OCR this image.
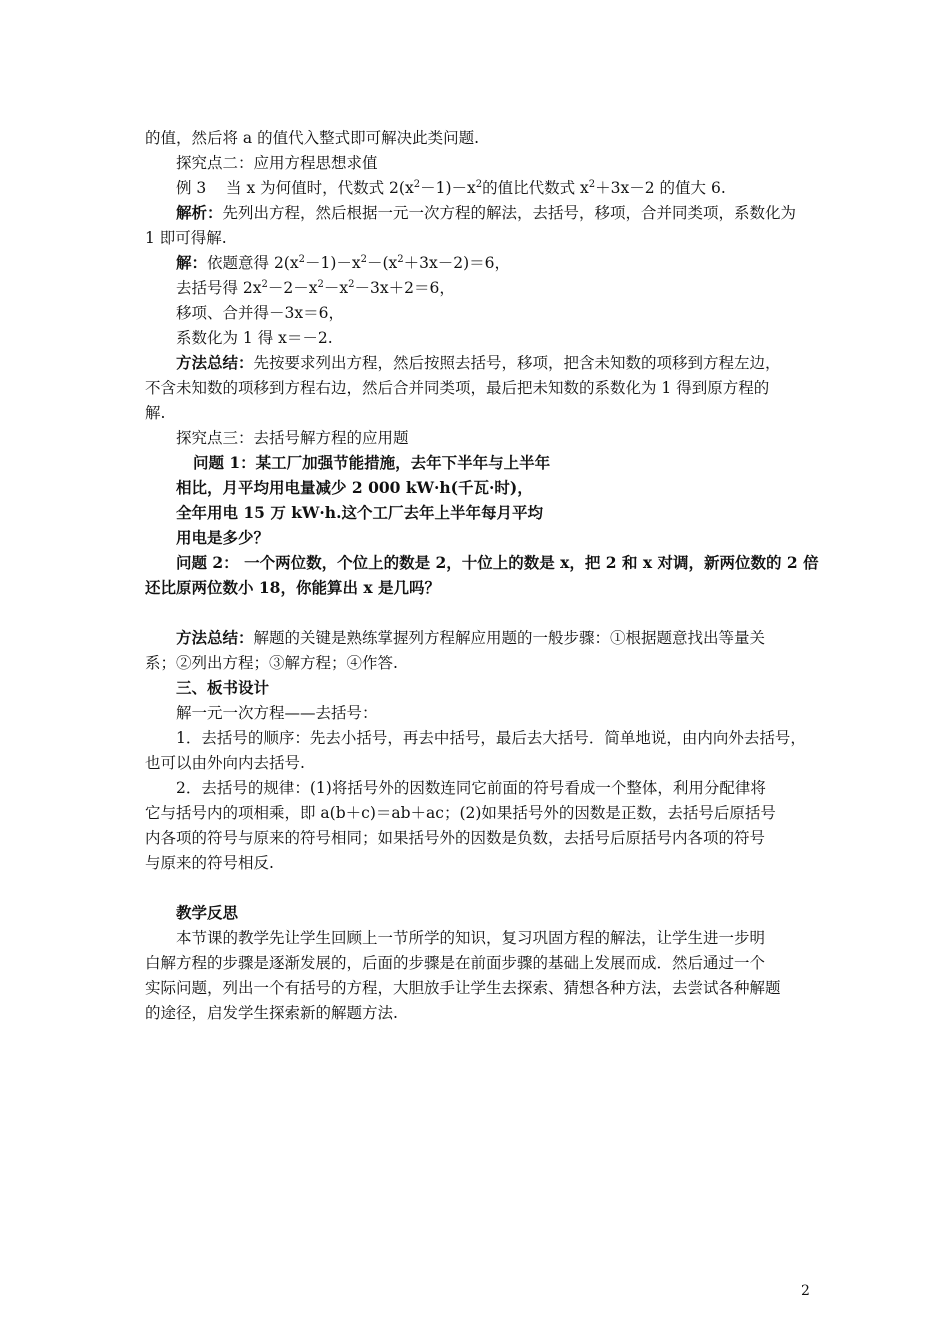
的值，然后将 a 的值代入整式即可解决此类问题.
探究点二：应用方程思想求值
例 3 当 x 为何值时，代数式 $2(x^2-1)-x^2$的值比代数式 $x^2+3x-2$ 的值大 6.
解析：先列出方程，然后根据一元一次方程的解法，去括号，移项，合并同类项，系数化为
1 即可得解.
解：依题意得 $2(x^2-1)-x^2-(x^2+3x-2)=6$，
去括号得 $2x^2-2-x^2-x^2-3x+2=6$，
移项、合并得－3x＝6，
系数化为 1 得 x＝－2.
方法总结：先按要求列出方程，然后按照去括号，移项，把含未知数的项移到方程左边，
不含未知数的项移到方程右边，然后合并同类项，最后把未知数的系数化为 1 得到原方程的
解.
探究点三：去括号解方程的应用题
问题 1：某工厂加强节能措施，去年下半年与上半年
相比，月平均用电量减少 2 000 kW·h(千瓦·时)，
全年用电 15 万 kW·h.这个工厂去年上半年每月平均
用电是多少？
问题 2： 一个两位数，个位上的数是 2，十位上的数是 x，把 2 和 x 对调，新两位数的 2 倍
还比原两位数小 18，你能算出 x 是几吗？
方法总结：解题的关键是熟练掌握列方程解应用题的一般步骤：①根据题意找出等量关
系；②列出方程；③解方程；④作答.
三、板书设计
解一元一次方程——去括号：
1．去括号的顺序：先去小括号，再去中括号，最后去大括号．简单地说，由内向外去括号，
也可以由外向内去括号.
2．去括号的规律：(1)将括号外的因数连同它前面的符号看成一个整体，利用分配律将
它与括号内的项相乘，即 a(b＋c)＝ab＋ac；(2)如果括号外的因数是正数，去括号后原括号
内各项的符号与原来的符号相同；如果括号外的因数是负数，去括号后原括号内各项的符号
与原来的符号相反.
教学反思
本节课的教学先让学生回顾上一节所学的知识，复习巩固方程的解法，让学生进一步明
白解方程的步骤是逐渐发展的，后面的步骤是在前面步骤的基础上发展而成．然后通过一个
实际问题，列出一个有括号的方程，大胆放手让学生去探索、猜想各种方法，去尝试各种解题
的途径，启发学生探索新的解题方法.
2
